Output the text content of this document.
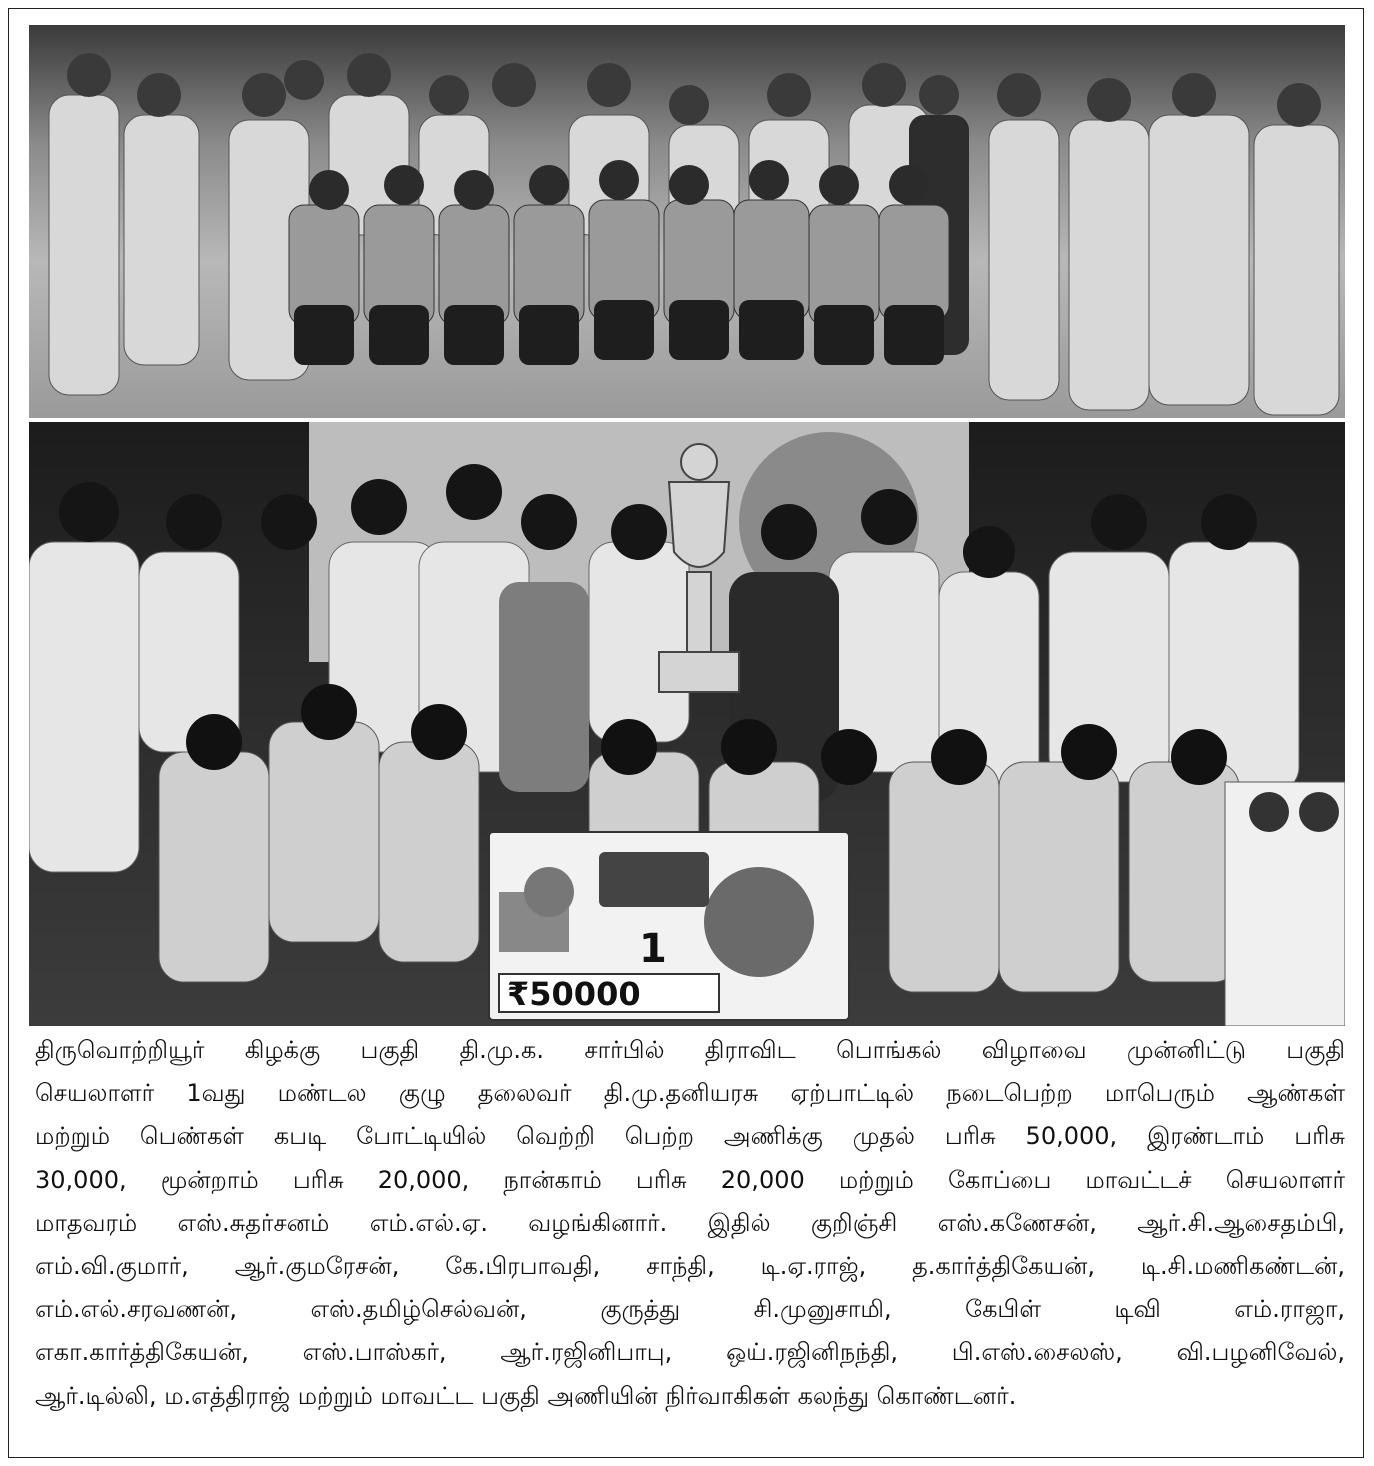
1
₹50000
திருவொற்றியூர் கிழக்கு பகுதி தி.மு.க. சார்பில் திராவிட பொங்கல் விழாவை முன்னிட்டு பகுதி
செயலாளர் 1வது மண்டல குழு தலைவர் தி.மு.தனியரசு ஏற்பாட்டில் நடைபெற்ற மாபெரும் ஆண்கள்
மற்றும் பெண்கள் கபடி போட்டியில் வெற்றி பெற்ற அணிக்கு முதல் பரிசு 50,000, இரண்டாம் பரிசு
30,000, மூன்றாம் பரிசு 20,000, நான்காம் பரிசு 20,000 மற்றும் கோப்பை மாவட்டச் செயலாளர்
மாதவரம் எஸ்.சுதர்சனம் எம்.எல்.ஏ. வழங்கினார். இதில் குறிஞ்சி எஸ்.கணேசன், ஆர்.சி.ஆசைதம்பி,
எம்.வி.குமார், ஆர்.குமரேசன், கே.பிரபாவதி, சாந்தி, டி.ஏ.ராஜ், த.கார்த்திகேயன், டி.சி.மணிகண்டன்,
எம்.எல்.சரவணன், எஸ்.தமிழ்செல்வன், குருத்து சி.முனுசாமி, கேபிள் டிவி எம்.ராஜா,
எகா.கார்த்திகேயன், எஸ்.பாஸ்கர், ஆர்.ரஜினிபாபு, ஒய்.ரஜினிநந்தி, பி.எஸ்.சைலஸ், வி.பழனிவேல்,
ஆர்.டில்லி, ம.எத்திராஜ் மற்றும் மாவட்ட பகுதி அணியின் நிர்வாகிகள் கலந்து கொண்டனர்.
